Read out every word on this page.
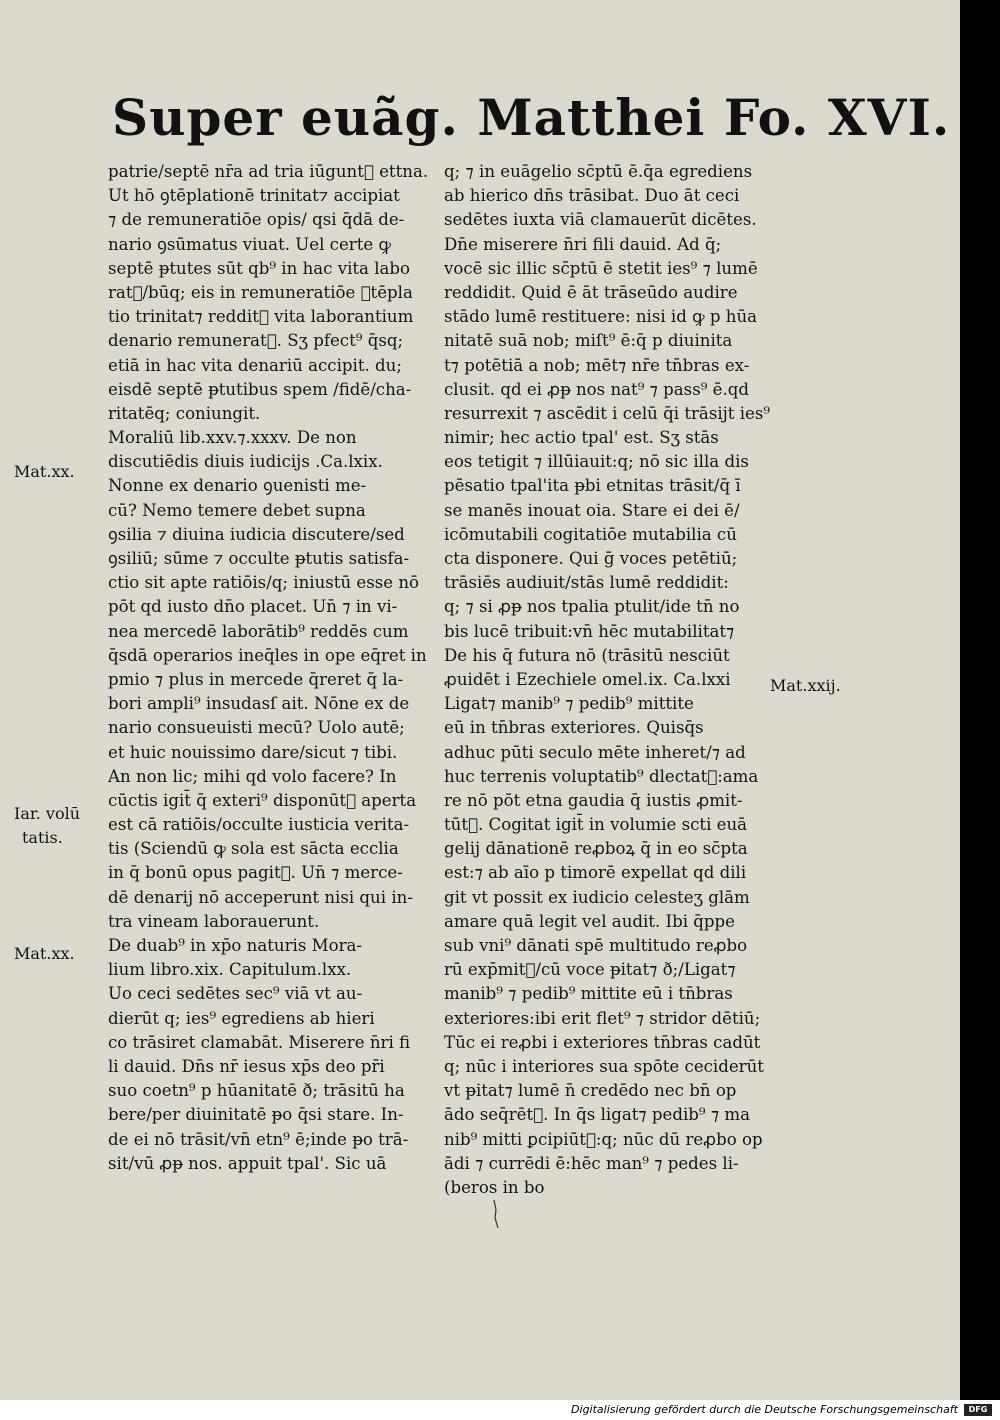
Super euãg. Matthei Fo. XVI.
patrie/septē nr̄a ad tria iūguntᷣ ettna.
Ut hō ꝯtēplationē trinitat⁊ accipiat
⁊ de remuneratiōe opis/ qsi q̄dā de-
nario ꝯsūmatus viuat. Uel certe ꝙ
septē ᵽtutes sūt qb⁹ in hac vita labo
ratᷣ/būq; eis in remuneratiōe ꝯtēpla
tio trinitat⁊ redditᷣ vita laborantium
denario remuneratᷣ. Sʒ pfect⁹ q̄sq;
etiā in hac vita denariū accipit. du;
eisdē septē ᵽtutibus spem /fidē/cha-
ritatēq; coniungit.
Moraliū lib.xxv.⁊.xxxv. De non
discutiēdis diuis iudicijs .Ca.lxix.
Nonne ex denario ꝯuenisti me-
cū? Nemo temere debet supna
ꝯsilia ⁊ diuina iudicia discutere/sed
ꝯsiliū; sūme ⁊ occulte ᵽtutis satisfa-
ctio sit apte ratiōis/q; iniustū esse nō
pōt qd iusto dn̄o placet. Un̄ ⁊ in vi-
nea mercedē laborātib⁹ reddēs cum
q̄sdā operarios ineq̄les in ope eq̄ret in
pmio ⁊ plus in mercede q̄reret q̄ la-
bori ampli⁹ insudasſ ait. Nōne ex de
nario consueuisti mecū? Uolo autē;
et huic nouissimo dare/sicut ⁊ tibi.
An non lic; mihi qd volo facere? In
cūctis igit̄ q̄ exteri⁹ disponūtᷣ aperta
est cā ratiōis/occulte iusticia verita-
tis (Sciendū ꝙ sola est sācta ecclia
in q̄ bonū opus pagitᷣ. Un̄ ⁊ merce-
dē denarij nō acceperunt nisi qui in-
tra vineam laborauerunt.
De duab⁹ in xp̄o naturis Mora-
lium libro.xix. Capitulum.lxx.
Uo ceci sedētes sec⁹ viā vt au-
dierūt q; ies⁹ egrediens ab hieri
co trāsiret clamabāt. Miserere n̄ri fi
li dauid. Dn̄s nr̄ iesus xp̄s deo pr̄i
suo coetn⁹ p hūanitatē ð; trāsitū ha
bere/per diuinitatē ᵽo q̄si stare. In-
de ei nō trāsit/vn̄ etn⁹ ē;inde ᵽo trā-
sit/vū ꝓᵽ nos. appuit tpal'. Sic uā
q; ⁊ in euāgelio sc̄ptū ē.q̄a egrediens
ab hierico dn̄s trāsibat. Duo āt ceci
sedētes iuxta viā clamauerūt dicētes.
Dn̄e miserere n̄ri fili dauid. Ad q̄;
vocē sic illic sc̄ptū ē stetit ies⁹ ⁊ lumē
reddidit. Quid ē āt trāseūdo audire
stādo lumē restituere: nisi id ꝙ p hūa
nitatē suā nob; miſt⁹ ē:q̄ p diuinita
t⁊ potētiā a nob; mēt⁊ nr̄e tn̄bras ex-
clusit. qd ei ꝓᵽ nos nat⁹ ⁊ pass⁹ ē.qd
resurrexit ⁊ ascēdit i celū q̄i trāsijt ies⁹
nimir; hec actio tpal' est. Sʒ stās
eos tetigit ⁊ illūiauit:q; nō sic illa dis
pēsatio tpal'ita ᵽbi etnitas trāsit/q̄ ī
se manēs inouat oia. Stare ei dei ē/
icōmutabili cogitatiōe mutabilia cū
cta disponere. Qui ḡ voces petētiū;
trāsiēs audiuit/stās lumē reddidit:
q; ⁊ si ꝓᵽ nos tpalia ptulit/ide tn̄ no
bis lucē tribuit:vn̄ hēc mutabilitat⁊
De his q̄ futura nō (trāsitū nesciūt
ꝓuidēt i Ezechiele omel.ix. Ca.lxxi
Ligat⁊ manib⁹ ⁊ pedib⁹ mittite
eū in tn̄bras exteriores. Quisq̄s
adhuc pūti seculo mēte inheret/⁊ ad
huc terrenis voluptatib⁹ dlectatᷣ:ama
re nō pōt etna gaudia q̄ iustis ꝓmit-
tūtᷣ. Cogitat igit̄ in volumie scti euā
gelij dānationē reꝓboꝝ q̄ in eo sc̄pta
est:⁊ ab aīo p timorē expellat qd dili
git vt possit ex iudicio celesteʒ glām
amare quā legit vel audit. Ibi q̄ppe
sub vni⁹ dānati spē multitudo reꝓbo
rū exp̄mitᷣ/cū voce ᵽitat⁊ ð;/Ligat⁊
manib⁹ ⁊ pedib⁹ mittite eū i tn̄bras
exteriores:ibi erit flet⁹ ⁊ stridor dētiū;
Tūc ei reꝓbi i exteriores tn̄bras cadūt
q; nūc i interiores sua spōte ceciderūt
vt ᵽitat⁊ lumē n̄ credēdo nec bn̄ op
ādo seq̄rētᷣ. In q̄s ligat⁊ pedib⁹ ⁊ ma
nib⁹ mitti ꝑcipiūtᷣ:q; nūc dū reꝓbo op
ādi ⁊ currēdi ē:hēc man⁹ ⁊ pedes li-
(beros in bo
Mat.xx.
Mat.xxij.
Iar. volū
tatis.
Mat.xx.
Digitalisierung gefördert durch die Deutsche Forschungsgemeinschaft	DFG
